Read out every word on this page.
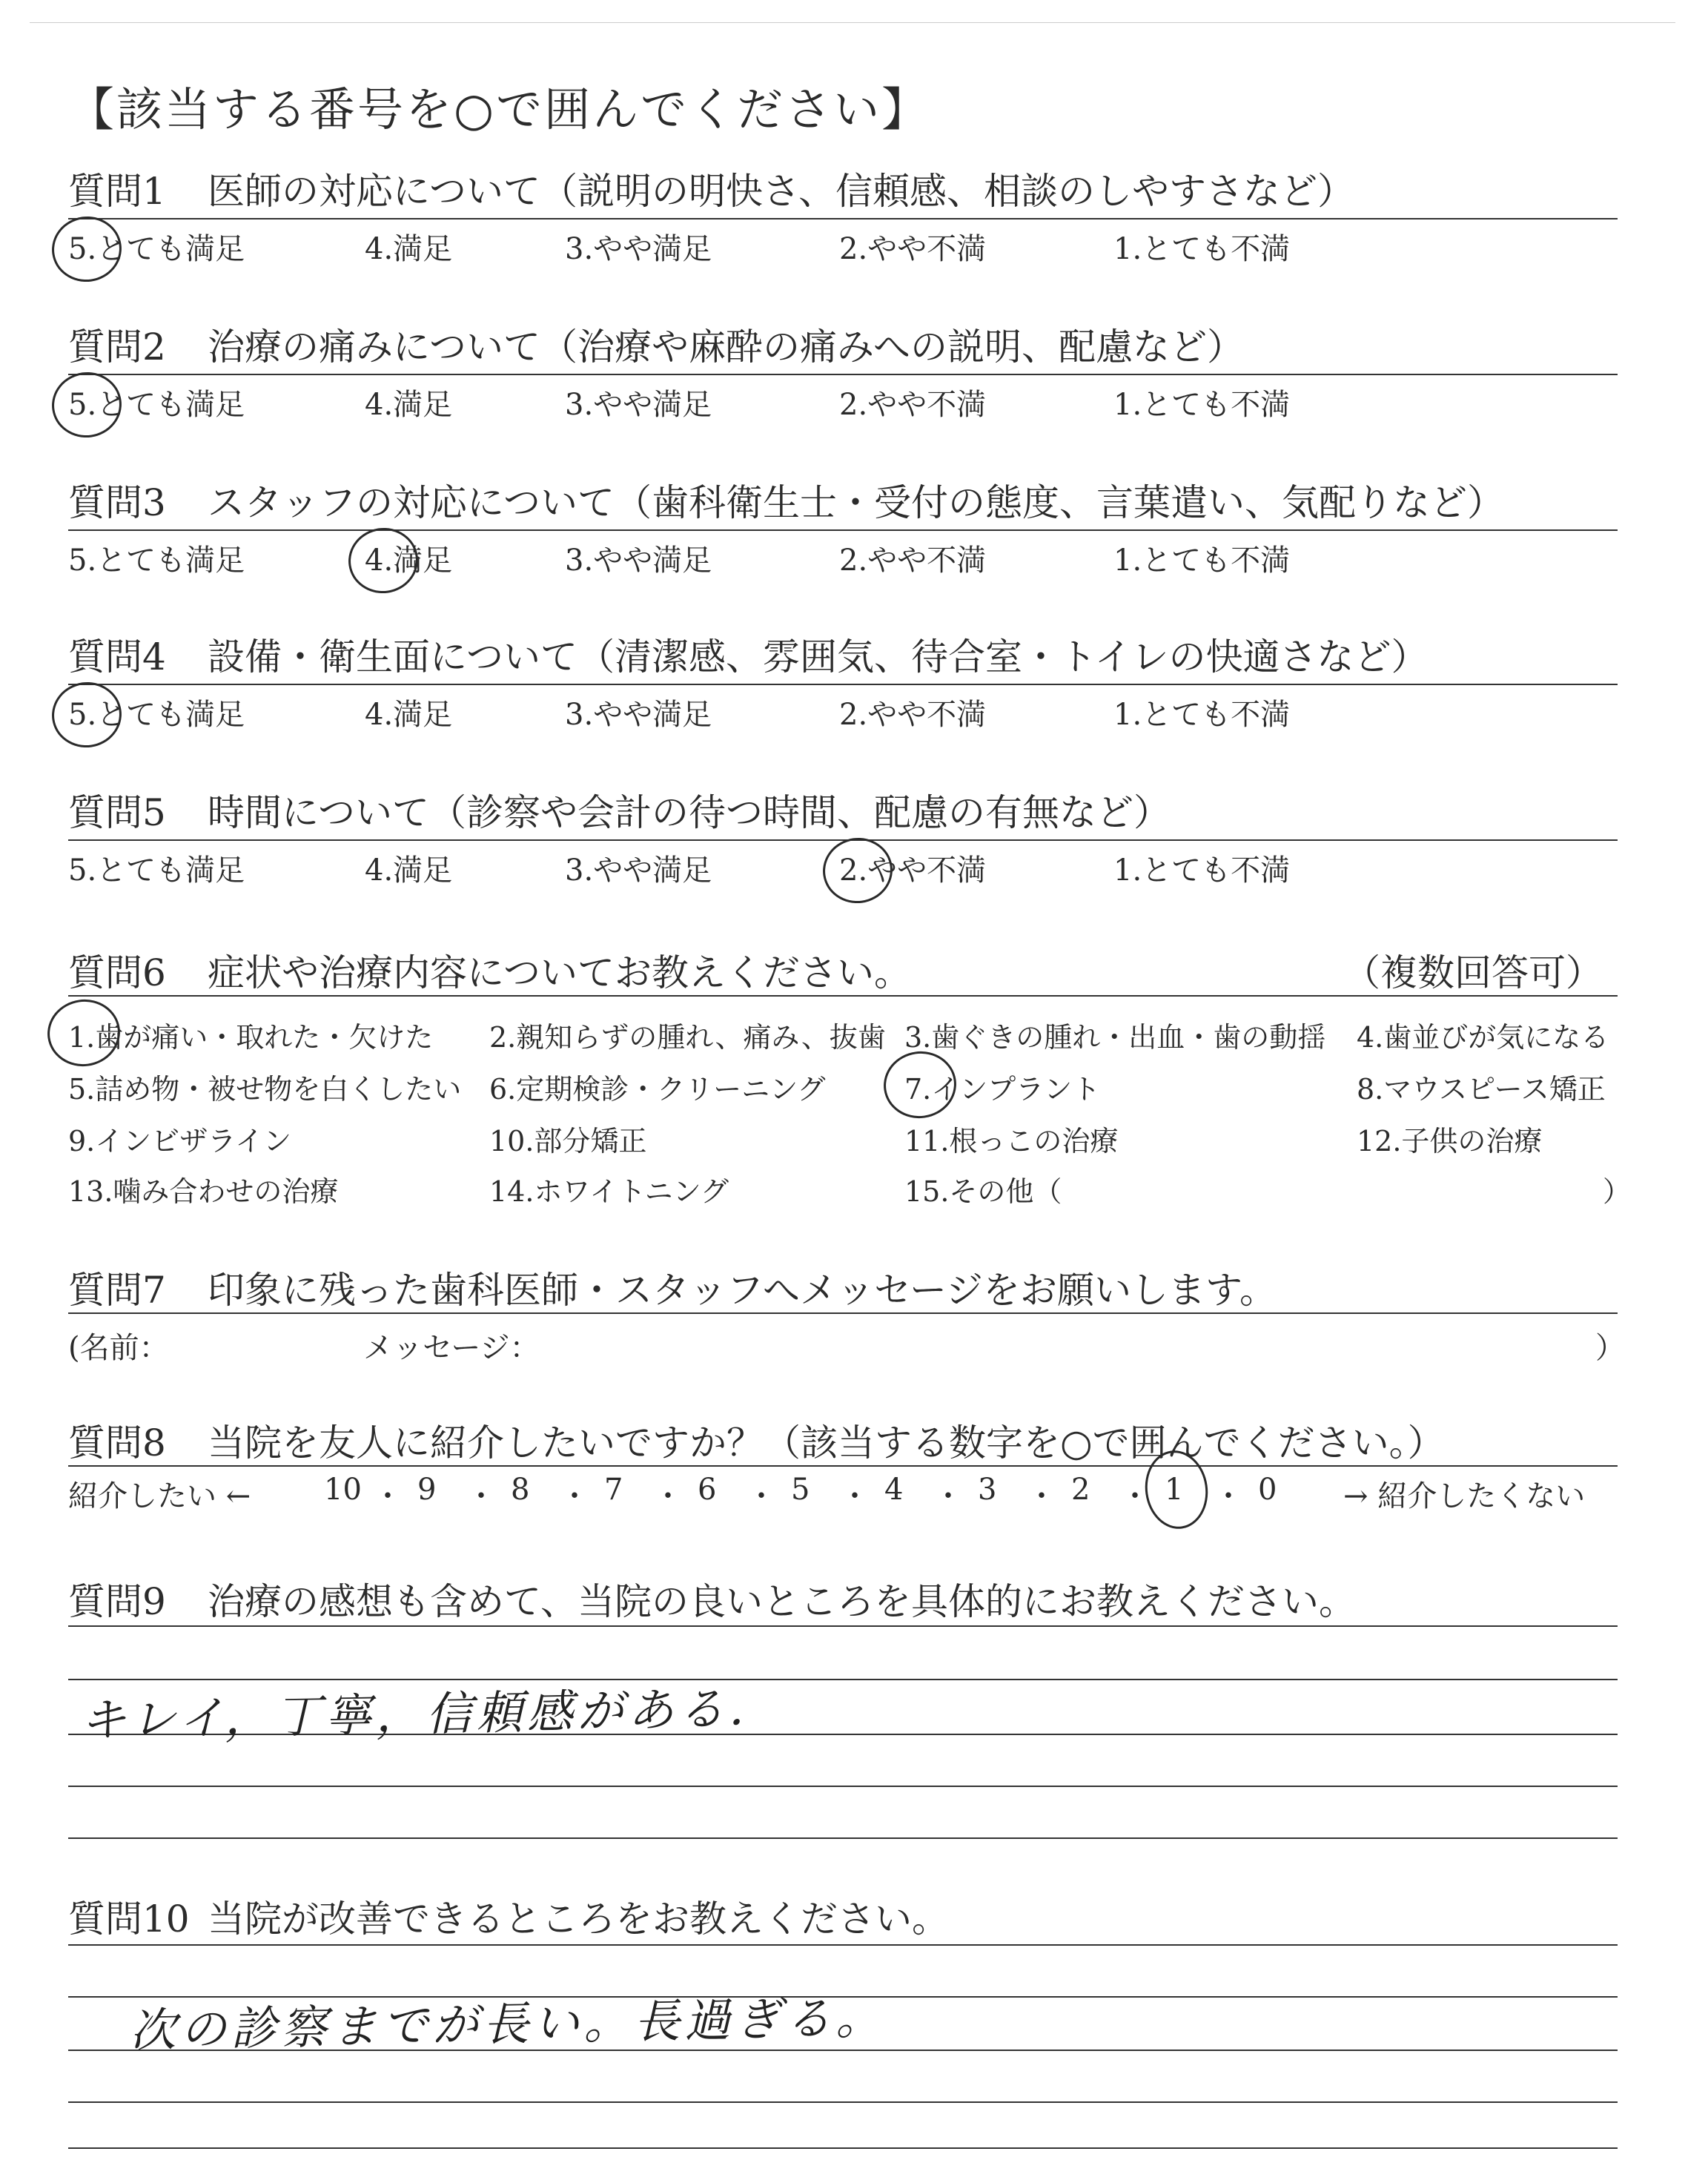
【該当する番号を○で囲んでください】
質問1 医師の対応について（説明の明快さ、信頼感、相談のしやすさなど）
5.とても満足	4.満足	3.やや満足	2.やや不満	1.とても不満
質問2 治療の痛みについて（治療や麻酔の痛みへの説明、配慮など）
5.とても満足	4.満足	3.やや満足	2.やや不満	1.とても不満
質問3 スタッフの対応について（歯科衛生士・受付の態度、言葉遣い、気配りなど）
5.とても満足	4.満足	3.やや満足	2.やや不満	1.とても不満
質問4 設備・衛生面について（清潔感、雰囲気、待合室・トイレの快適さなど）
5.とても満足	4.満足	3.やや満足	2.やや不満	1.とても不満
質問5 時間について（診察や会計の待つ時間、配慮の有無など）
5.とても満足	4.満足	3.やや満足	2.やや不満	1.とても不満
質問6 症状や治療内容についてお教えください。	（複数回答可）
1.歯が痛い・取れた・欠けた 2.親知らずの腫れ、痛み、抜歯 3.歯ぐきの腫れ・出血・歯の動揺 4.歯並びが気になる
5.詰め物・被せ物を白くしたい 6.定期検診・クリーニング	7.インプラント	8.マウスピース矯正
9.インビザライン	10.部分矯正	11.根っこの治療	12.子供の治療
13.噛み合わせの治療	14.ホワイトニング	15.その他（	）
質問7 印象に残った歯科医師・スタッフへメッセージをお願いします。
(名前：	メッセージ：	）
質問8 当院を友人に紹介したいですか？（該当する数字を○で囲んでください。）
紹介したい ←	→ 紹介したくない
10 ・ 9 ・ 8 ・ 7 ・ 6 ・ 5 ・ 4 ・ 3 ・ 2 ・ 1 ・ 0
質問9 治療の感想も含めて、当院の良いところを具体的にお教えください。
キレイ，丁寧，信頼感がある．
質問10 当院が改善できるところをお教えください。
次の診察までが長い。長過ぎる。
